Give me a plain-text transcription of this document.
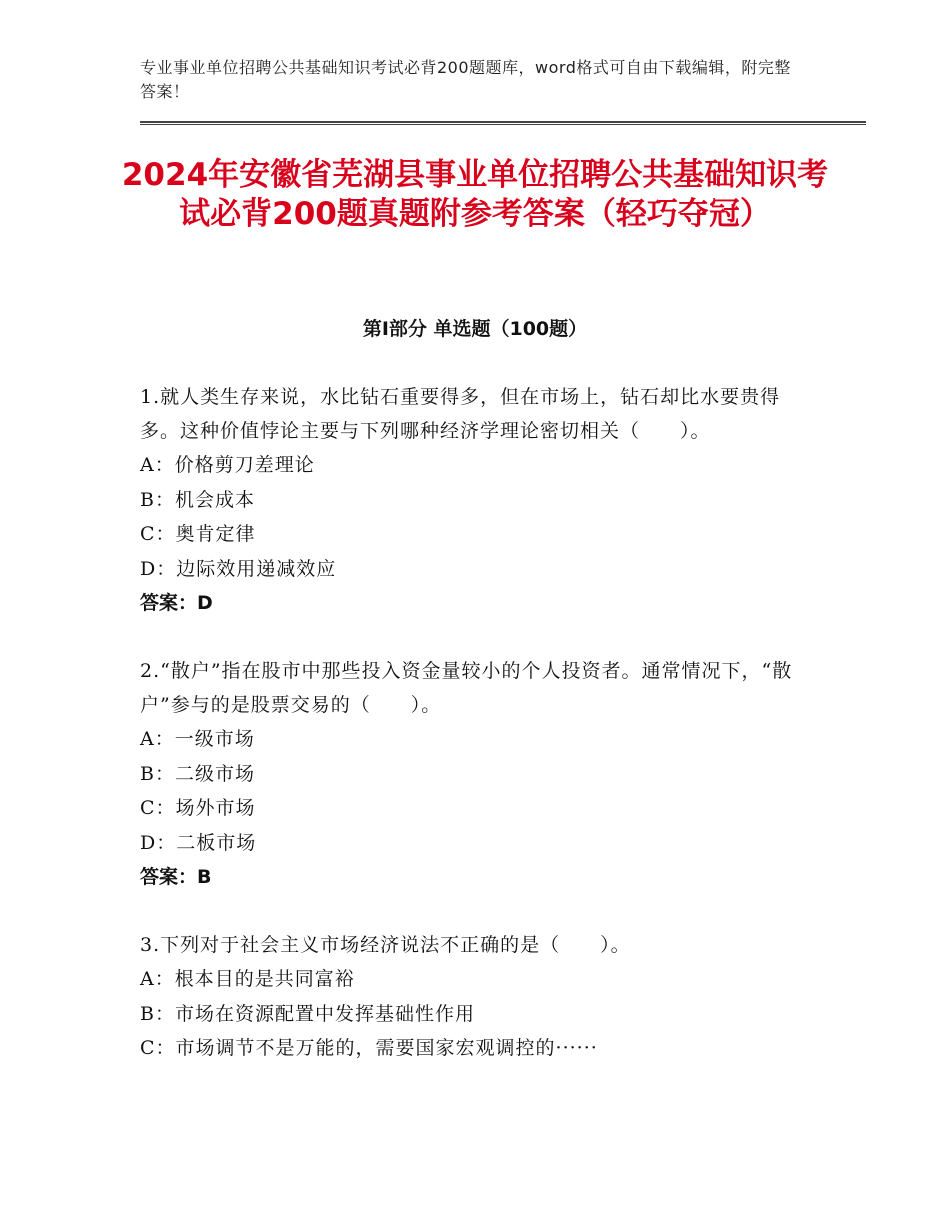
专业事业单位招聘公共基础知识考试必背200题题库，word格式可自由下载编辑，附完整答案！
2024年安徽省芜湖县事业单位招聘公共基础知识考试必背200题真题附参考答案（轻巧夺冠）
第I部分 单选题（100题）
1.就人类生存来说，水比钻石重要得多，但在市场上，钻石却比水要贵得多。这种价值悖论主要与下列哪种经济学理论密切相关（　　）。
A：价格剪刀差理论
B：机会成本
C：奥肯定律
D：边际效用递减效应
答案：D
2.“散户”指在股市中那些投入资金量较小的个人投资者。通常情况下，“散户”参与的是股票交易的（　　）。
A：一级市场
B：二级市场
C：场外市场
D：二板市场
答案：B
3.下列对于社会主义市场经济说法不正确的是（　　）。
A：根本目的是共同富裕
B：市场在资源配置中发挥基础性作用
C：市场调节不是万能的，需要国家宏观调控的······
